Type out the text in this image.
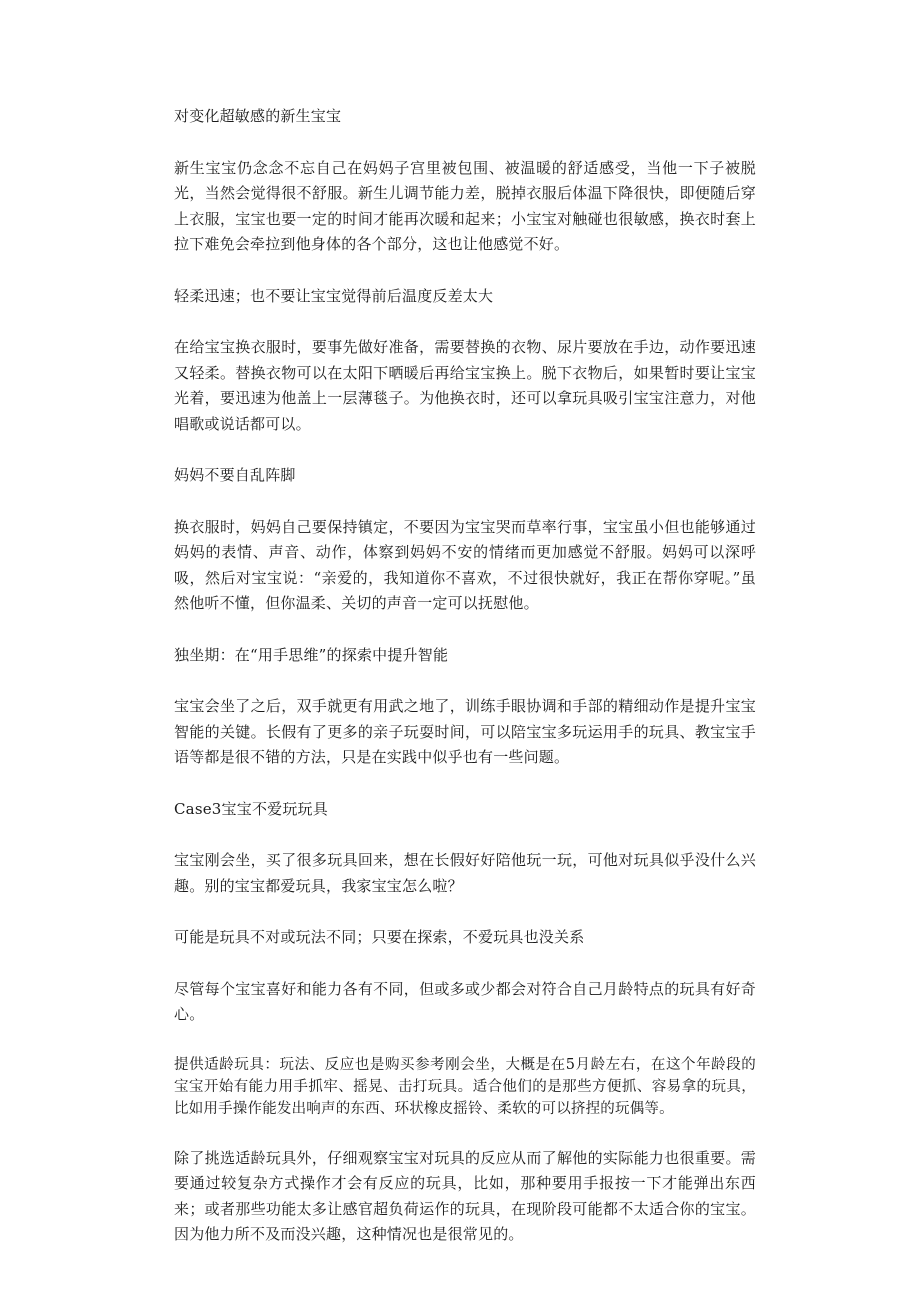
对变化超敏感的新生宝宝
新生宝宝仍念念不忘自己在妈妈子宫里被包围、被温暖的舒适感受，当他一下子被脱光，当然会觉得很不舒服。新生儿调节能力差，脱掉衣服后体温下降很快，即便随后穿上衣服，宝宝也要一定的时间才能再次暖和起来；小宝宝对触碰也很敏感，换衣时套上拉下难免会牵拉到他身体的各个部分，这也让他感觉不好。
轻柔迅速；也不要让宝宝觉得前后温度反差太大
在给宝宝换衣服时，要事先做好准备，需要替换的衣物、尿片要放在手边，动作要迅速又轻柔。替换衣物可以在太阳下晒暖后再给宝宝换上。脱下衣物后，如果暂时要让宝宝光着，要迅速为他盖上一层薄毯子。为他换衣时，还可以拿玩具吸引宝宝注意力，对他唱歌或说话都可以。
妈妈不要自乱阵脚
换衣服时，妈妈自己要保持镇定，不要因为宝宝哭而草率行事，宝宝虽小但也能够通过妈妈的表情、声音、动作，体察到妈妈不安的情绪而更加感觉不舒服。妈妈可以深呼吸，然后对宝宝说：“亲爱的，我知道你不喜欢，不过很快就好，我正在帮你穿呢。”虽然他听不懂，但你温柔、关切的声音一定可以抚慰他。
独坐期：在“用手思维”的探索中提升智能
宝宝会坐了之后，双手就更有用武之地了，训练手眼协调和手部的精细动作是提升宝宝智能的关键。长假有了更多的亲子玩耍时间，可以陪宝宝多玩运用手的玩具、教宝宝手语等都是很不错的方法，只是在实践中似乎也有一些问题。
Case3宝宝不爱玩玩具
宝宝刚会坐，买了很多玩具回来，想在长假好好陪他玩一玩，可他对玩具似乎没什么兴趣。别的宝宝都爱玩具，我家宝宝怎么啦？
可能是玩具不对或玩法不同；只要在探索，不爱玩具也没关系
尽管每个宝宝喜好和能力各有不同，但或多或少都会对符合自己月龄特点的玩具有好奇心。
提供适龄玩具：玩法、反应也是购买参考刚会坐，大概是在5月龄左右，在这个年龄段的宝宝开始有能力用手抓牢、摇晃、击打玩具。适合他们的是那些方便抓、容易拿的玩具，比如用手操作能发出响声的东西、环状橡皮摇铃、柔软的可以挤捏的玩偶等。
除了挑选适龄玩具外，仔细观察宝宝对玩具的反应从而了解他的实际能力也很重要。需要通过较复杂方式操作才会有反应的玩具，比如，那种要用手报按一下才能弹出东西来；或者那些功能太多让感官超负荷运作的玩具，在现阶段可能都不太适合你的宝宝。因为他力所不及而没兴趣，这种情况也是很常见的。
